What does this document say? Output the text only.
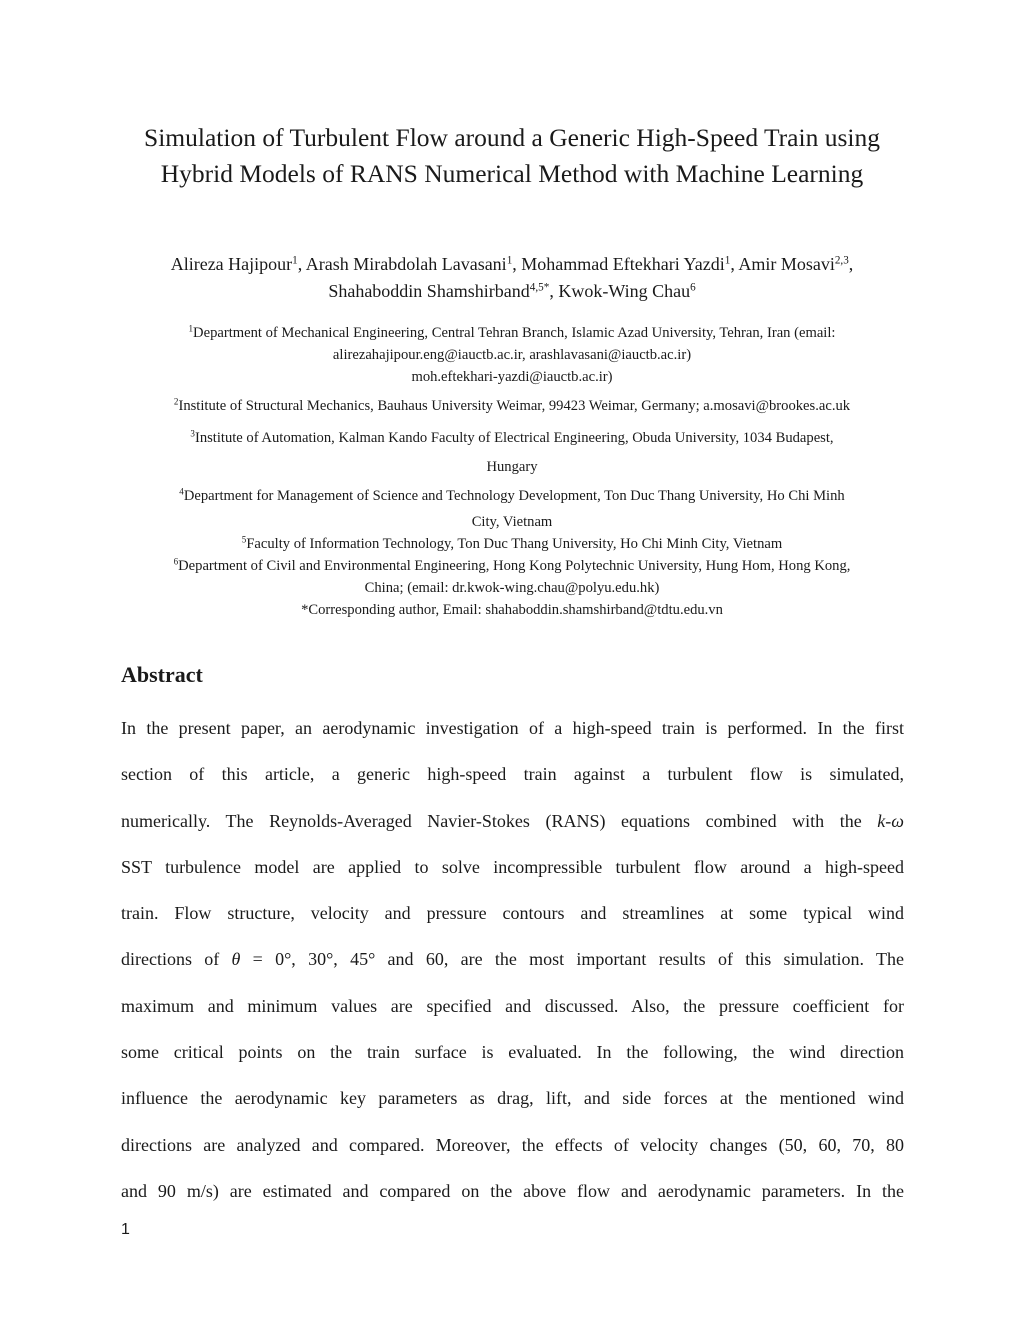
Simulation of Turbulent Flow around a Generic High-Speed Train using
Hybrid Models of RANS Numerical Method with Machine Learning
Alireza Hajipour$^1$, Arash Mirabdolah Lavasani$^1$, Mohammad Eftekhari Yazdi$^1$, Amir Mosavi$^{2,3}$,
Shahaboddin Shamshirband$^{4,5*}$, Kwok-Wing Chau$^6$
$^1$Department of Mechanical Engineering, Central Tehran Branch, Islamic Azad University, Tehran, Iran (email:
alirezahajipour.eng@iauctb.ac.ir, arashlavasani@iauctb.ac.ir)
moh.eftekhari-yazdi@iauctb.ac.ir)
$^2$Institute of Structural Mechanics, Bauhaus University Weimar, 99423 Weimar, Germany; a.mosavi@brookes.ac.uk
$^3$Institute of Automation, Kalman Kando Faculty of Electrical Engineering, Obuda University, 1034 Budapest,
Hungary
$^4$Department for Management of Science and Technology Development, Ton Duc Thang University, Ho Chi Minh
City, Vietnam
$^5$Faculty of Information Technology, Ton Duc Thang University, Ho Chi Minh City, Vietnam
$^6$Department of Civil and Environmental Engineering, Hong Kong Polytechnic University, Hung Hom, Hong Kong,
China; (email: dr.kwok-wing.chau@polyu.edu.hk)
*Corresponding author, Email: shahaboddin.shamshirband@tdtu.edu.vn
Abstract
In the present paper, an aerodynamic investigation of a high-speed train is performed. In the first
section of this article, a generic high-speed train against a turbulent flow is simulated,
numerically. The Reynolds-Averaged Navier-Stokes (RANS) equations combined with the k-ω
SST turbulence model are applied to solve incompressible turbulent flow around a high-speed
train. Flow structure, velocity and pressure contours and streamlines at some typical wind
directions of θ = 0°, 30°, 45° and 60, are the most important results of this simulation. The
maximum and minimum values are specified and discussed. Also, the pressure coefficient for
some critical points on the train surface is evaluated. In the following, the wind direction
influence the aerodynamic key parameters as drag, lift, and side forces at the mentioned wind
directions are analyzed and compared. Moreover, the effects of velocity changes (50, 60, 70, 80
and 90 m/s) are estimated and compared on the above flow and aerodynamic parameters. In the
1
